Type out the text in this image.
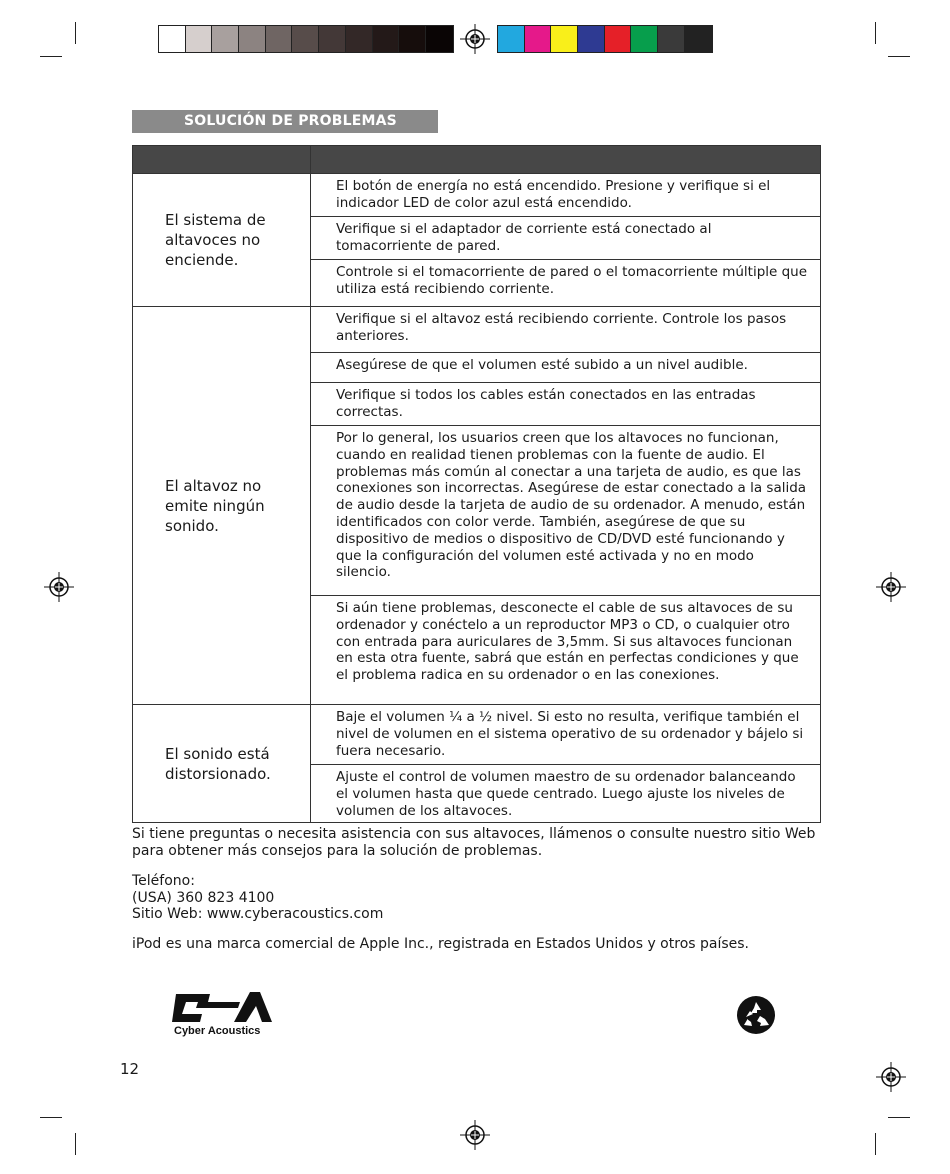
SOLUCIÓN DE PROBLEMAS

El sistema de altavoces no enciende.	El botón de energía no está encendido. Presione y verifique si el indicador LED de color azul está encendido.
	Verifique si el adaptador de corriente está conectado al tomacorriente de pared.
	Controle si el tomacorriente de pared o el tomacorriente múltiple que utiliza está recibiendo corriente.
El altavoz no emite ningún sonido.	Verifique si el altavoz está recibiendo corriente. Controle los pasos anteriores.
	Asegúrese de que el volumen esté subido a un nivel audible.
	Verifique si todos los cables están conectados en las entradas correctas.
	Por lo general, los usuarios creen que los altavoces no funcionan, cuando en realidad tienen problemas con la fuente de audio. El problemas más común al conectar a una tarjeta de audio, es que las conexiones son incorrectas. Asegúrese de estar conectado a la salida de audio desde la tarjeta de audio de su ordenador. A menudo, están identificados con color verde. También, asegúrese de que su dispositivo de medios o dispositivo de CD/DVD esté funcionando y que la configuración del volumen esté activada y no en modo silencio.
	Si aún tiene problemas, desconecte el cable de sus altavoces de su ordenador y conéctelo a un reproductor MP3 o CD, o cualquier otro con entrada para auriculares de 3,5mm. Si sus altavoces funcionan en esta otra fuente, sabrá que están en perfectas condiciones y que el problema radica en su ordenador o en las conexiones.
El sonido está distorsionado.	Baje el volumen ¼ a ½ nivel. Si esto no resulta, verifique también el nivel de volumen en el sistema operativo de su ordenador y bájelo si fuera necesario.
	Ajuste el control de volumen maestro de su ordenador balanceando el volumen hasta que quede centrado. Luego ajuste los niveles de volumen de los altavoces.
Si tiene preguntas o necesita asistencia con sus altavoces, llámenos o consulte nuestro sitio Web
para obtener más consejos para la solución de problemas.
Teléfono:
(USA) 360 823 4100
Sitio Web: www.cyberacoustics.com
iPod es una marca comercial de Apple Inc., registrada en Estados Unidos y otros países.
Cyber Acoustics
12
